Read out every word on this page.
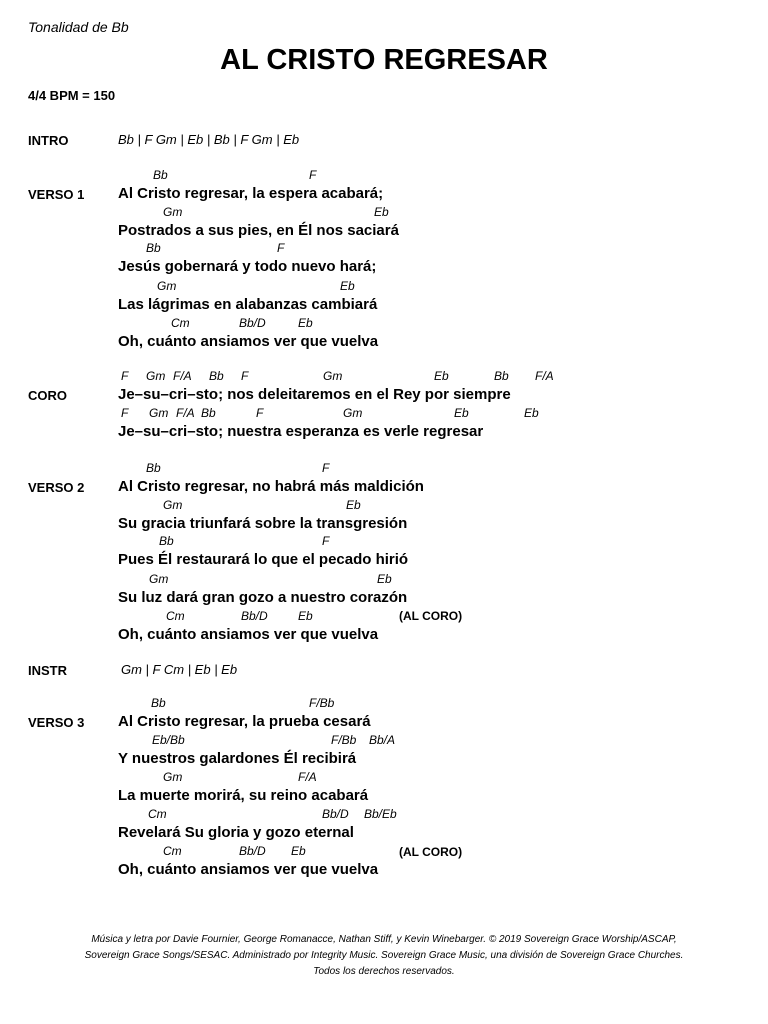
Tonalidad de Bb
AL CRISTO REGRESAR
4/4 BPM = 150
INTRO	Bb | F Gm | Eb | Bb | F Gm | Eb
VERSO 1
Bb	F
Al Cristo regresar, la espera acabará;
Gm	Eb
Postrados a sus pies, en Él nos saciará
Bb	F
Jesús gobernará y todo nuevo hará;
Gm	Eb
Las lágrimas en alabanzas cambiará
Cm	Bb/D	Eb
Oh, cuánto ansiamos ver que vuelva
CORO
F Gm F/A Bb F	Gm	Eb	Bb F/A
Je–su–cri–sto; nos deleitaremos en el Rey por siempre
F Gm F/A Bb	F	Gm	Eb	Eb
Je–su–cri–sto; nuestra esperanza es verle regresar
VERSO 2
Bb	F
Al Cristo regresar, no habrá más maldición
Gm	Eb
Su gracia triunfará sobre la transgresión
Bb	F
Pues Él restaurará lo que el pecado hirió
Gm	Eb
Su luz dará gran gozo a nuestro corazón
Cm	Bb/D	Eb	(AL CORO)
Oh, cuánto ansiamos ver que vuelva
INSTR	Gm | F Cm | Eb | Eb
VERSO 3
Bb	F/Bb
Al Cristo regresar, la prueba cesará
Eb/Bb	F/Bb Bb/A
Y nuestros galardones Él recibirá
Gm	F/A
La muerte morirá, su reino acabará
Cm	Bb/D Bb/Eb
Revelará Su gloria y gozo eternal
Cm	Bb/D Eb	(AL CORO)
Oh, cuánto ansiamos ver que vuelva
Música y letra por Davie Fournier, George Romanacce, Nathan Stiff, y Kevin Winebarger. © 2019 Sovereign Grace Worship/ASCAP,
Sovereign Grace Songs/SESAC. Administrado por Integrity Music. Sovereign Grace Music, una división de Sovereign Grace Churches.
Todos los derechos reservados.
